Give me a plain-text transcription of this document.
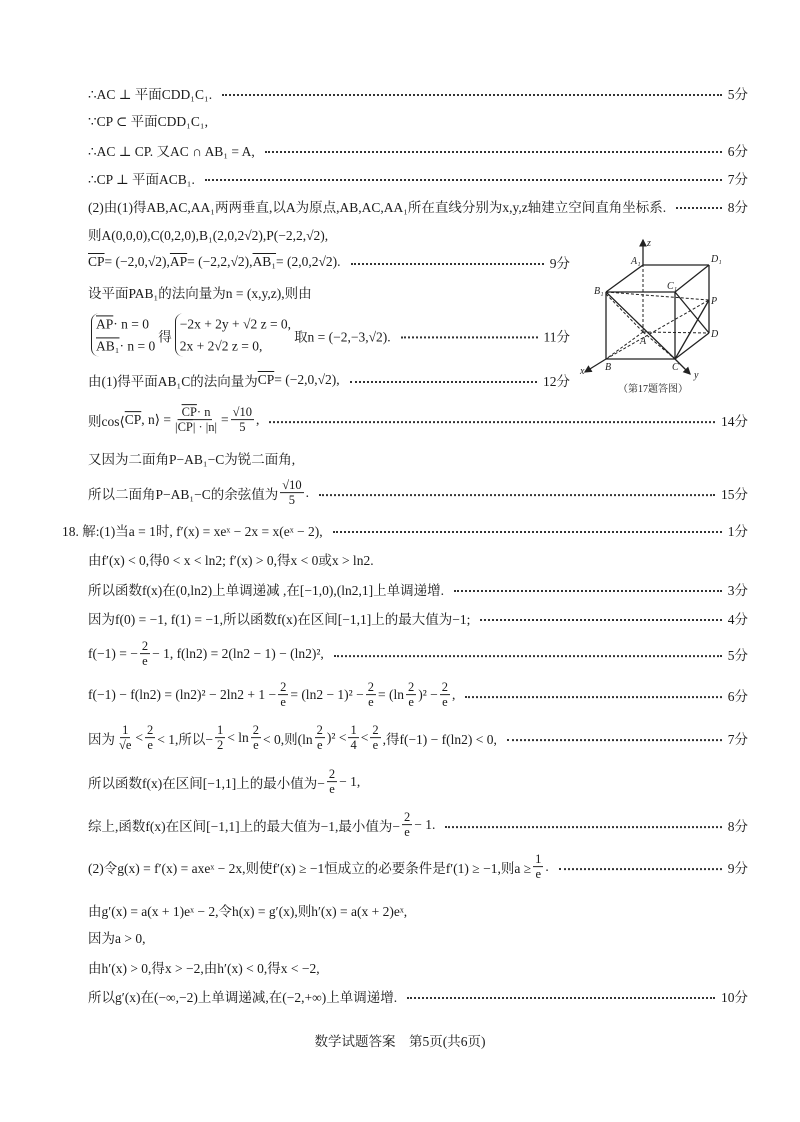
∴AC ⊥ 平面CDD₁C₁.	5分
∵CP ⊂ 平面CDD₁C₁,
∴AC ⊥ CP. 又AC ∩ AB₁ = A,	6分
∴CP ⊥ 平面ACB₁.	7分
(2)由(1)得AB,AC,AA₁两两垂直,以A为原点,AB,AC,AA₁所在直线分别为x,y,z轴建立空间直角坐标系.	8分
则A(0,0,0),C(0,2,0),B₁(2,0,2√2),P(−2,2,√2),
$\overline{CP} = (-2,0,√2)$, $\overline{AP} = (-2,2,√2)$, AB₁ = (2,0,2√2).	9分
设平面PAB₁的法向量为n = (x,y,z),则由
$\overline{AP} \cdot n = 0$
AB₁ · n = 0
得
−2x + 2y + √2 z = 0,
2x + 2√2 z = 0,
取n = (−2,−3,√2).	11分
由(1)得平面AB₁C的法向量为 $\overline{CP} = (-2,0,√2)$,	12分
则cos⟨ $\overline{CP}$ , n⟩ = $\frac{\overline{CP} \cdot n}{| \overline{CP} | \cdot |n|} = \frac{√10}{5}$ ,	14分
又因为二面角P−AB₁−C为锐二面角,
所以二面角P−AB₁−C的余弦值为 $\frac{√10}{5}$ .	15分
18. 解:(1)当a = 1时, f′(x) = xeˣ − 2x = x(eˣ − 2),	1分
由f′(x) < 0,得0 < x < ln2; f′(x) > 0,得x < 0或x > ln2.
所以函数f(x)在(0,ln2)上单调递减 ,在[−1,0),(ln2,1]上单调递增.	3分
因为f(0) = −1, f(1) = −1,所以函数f(x)在区间[−1,1]上的最大值为−1;	4分
f(−1) = − $\frac{2}{e} - 1$, f(ln2) = 2(ln2 − 1) − (ln2)²,	5分
$f(-1) - f(\ln 2) = (\ln 2)^2 - 2\ln 2 + 1 - \frac{2}{e} = (\ln 2 - 1)^2 - \frac{2}{e} = (\ln \frac{2}{e} )^2 - \frac{2}{e}$ ,	6分
因为 $\frac{1}{√e} < \frac{2}{e} < 1$,所以− $\frac{1}{2} < \ln \frac{2}{e} < 0$,则$(\ln \frac{2}{e} )^2 < \frac{1}{4} < \frac{2}{e}$ ,得f(−1) − f(ln2) < 0,	7分
所以函数f(x)在区间[−1,1]上的最小值为− $\frac{2}{e} - 1$,
综上,函数f(x)在区间[−1,1]上的最大值为−1,最小值为− $\frac{2}{e} - 1$.	8分
(2)令g(x) = f′(x) = axeˣ − 2x,则使f′(x) ≥ −1恒成立的必要条件是f′(1) ≥ −1,则$a \ge \frac{1}{e}$ .	9分
由g′(x) = a(x + 1)eˣ − 2,令h(x) = g′(x),则h′(x) = a(x + 2)eˣ,
因为a > 0,
由h′(x) > 0,得x > −2,由h′(x) < 0,得x < −2,
所以g′(x)在(−∞,−2)上单调递减,在(−2,+∞)上单调递增.	10分
A₁	D₁
B₁	C₁
P
A
D
B	C
x	y
z
（第17题答图）
数学试题答案　第5页(共6页)
